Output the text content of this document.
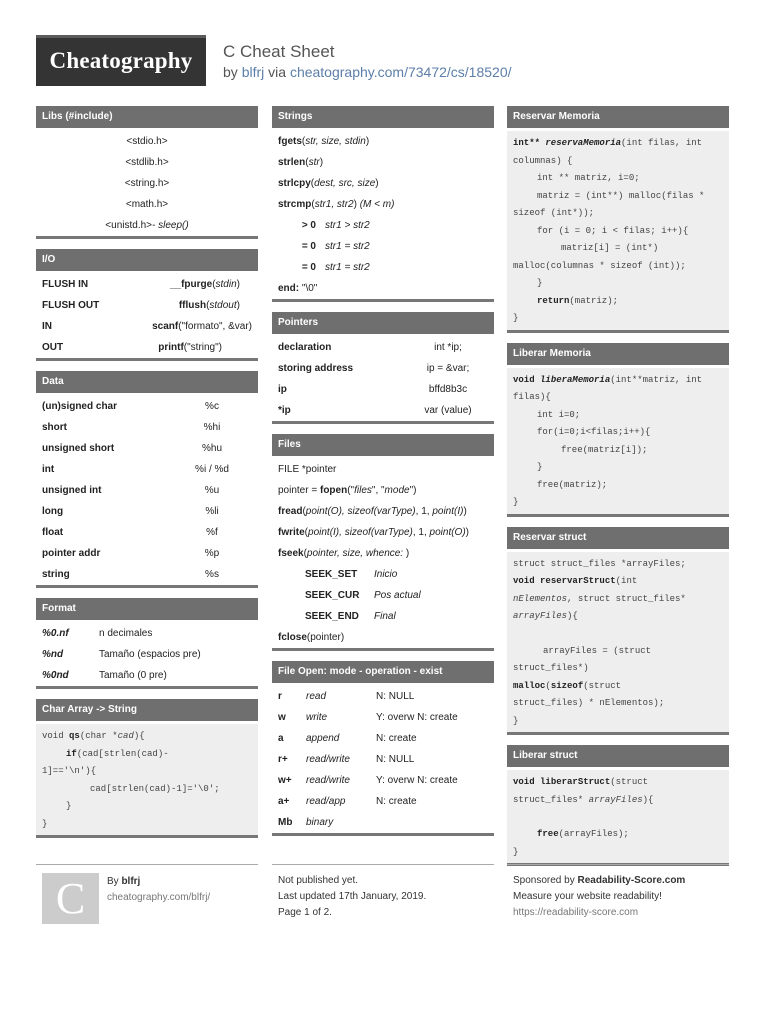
Cheatography	C Cheat Sheet
by blfrj via cheatography.com/73472/cs/18520/
Libs (#include)
<stdio.h>
<stdlib.h>
<string.h>
<math.h>
<unistd.h> - sleep()
I/O
FLUSH IN	__fpurge(stdin)
FLUSH OUT	fflush(stdout)
IN	scanf("formato", &var)
OUT	printf("string")
Data
(un)signed char	%c
short	%hi
unsigned short	%hu
int	%i / %d
unsigned int	%u
long	%li
float	%f
pointer addr	%p
string	%s
Format
%0.nf	n decimales
%nd	Tamaño (espacios pre)
%0nd	Tamaño (0 pre)
Char Array -> String
void qs(char *cad){
if(cad[strlen(cad)-
1]=='\n'){
cad[strlen(cad)-1]='\0';
}
}
Strings
fgets ( str, size, stdin )
strlen ( str )
strlcpy ( dest, src, size )
strcmp ( str1, str2 ) (M < m)
> 0 str1 > str2
= 0 str1 = str2
= 0 str1 = str2
end: "\0"
Pointers
declaration	int *ip;
storing address	ip = &var;
ip	bffd8b3c
*ip	var (value)
Files
FILE *pointer
pointer = fopen (" files ", " mode ")
fread ( point(O), sizeof(varType) , 1, point(I) )
fwrite ( point(I), sizeof(varType) , 1, point(O) )
fseek ( pointer, size, whence: )
SEEK_SET	Inicio
SEEK_CUR	Pos actual
SEEK_END	Final
fclose (pointer)
File Open: mode - operation - exist
r	read	N: NULL
w	write	Y: overw N: create
a	append	N: create
r+	read/write	N: NULL
w+	read/write	Y: overw N: create
a+	read/app	N: create
Mb	binary
Reservar Memoria
int** reservaMemoria(int filas, int
columnas) {
int ** matriz, i=0;
matriz = (int**) malloc(filas *
sizeof (int*));
for (i = 0; i < filas; i++){
matriz[i] = (int*)
malloc(columnas * sizeof (int));
}
return(matriz);
}
Liberar Memoria
void liberaMemoria(int**matriz, int
filas){
int i=0;
for(i=0;i<filas;i++){
free(matriz[i]);
}
free(matriz);
}
Reservar struct
struct struct_files *arrayFiles;
void reservarStruct(int
nElementos, struct struct_files*
arrayFiles){
arrayFiles = (struct
struct_files*)
malloc(sizeof(struct
struct_files) * nElementos);
}
Liberar struct
void liberarStruct(struct
struct_files* arrayFiles){
free(arrayFiles);
}
C	By blfrj
cheatography.com/blfrj/
Not published yet.
Last updated 17th January, 2019.
Page 1 of 2.
Sponsored by Readability-Score.com
Measure your website readability!
https://readability-score.com
